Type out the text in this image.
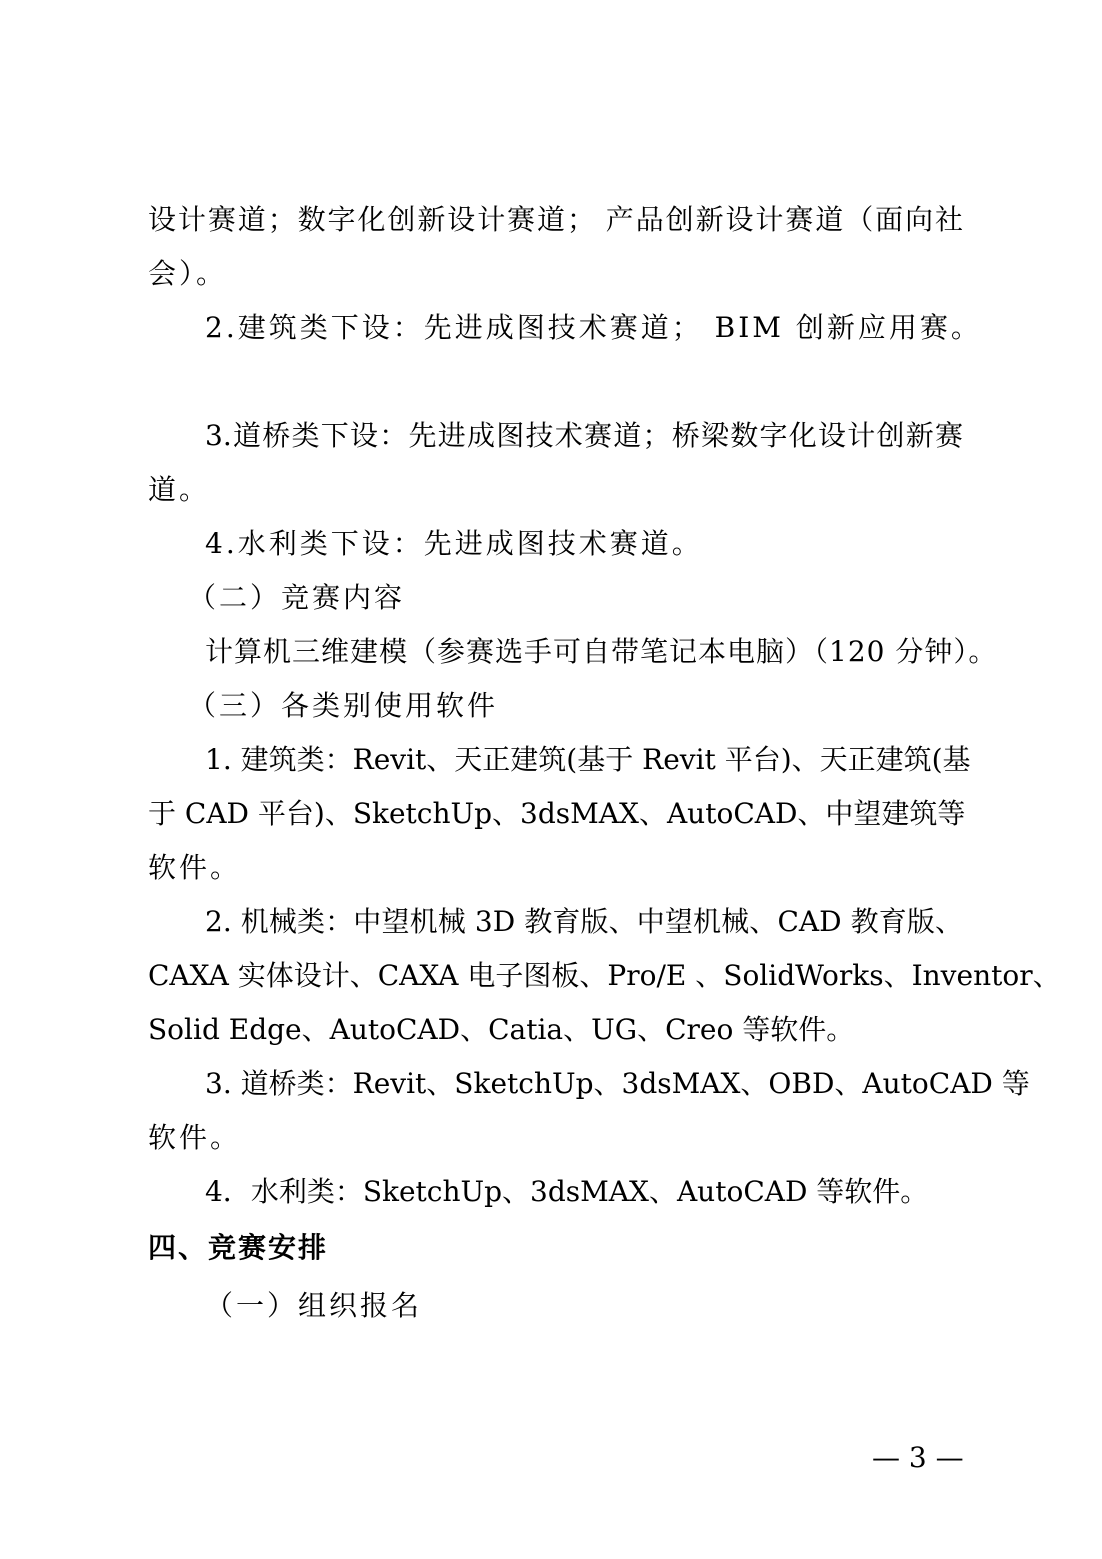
设计赛道；数字化创新设计赛道； 产品创新设计赛道（面向社
会）。
2.建筑类下设：先进成图技术赛道； BIM 创新应用赛。
3.道桥类下设：先进成图技术赛道；桥梁数字化设计创新赛
道。
4.水利类下设：先进成图技术赛道。
（二）竞赛内容
计算机三维建模（参赛选手可自带笔记本电脑）（120 分钟）。
（三）各类别使用软件
1. 建筑类：Revit、天正建筑(基于 Revit 平台)、天正建筑(基
于 CAD 平台)、SketchUp、3dsMAX、AutoCAD、中望建筑等
软件。
2. 机械类：中望机械 3D 教育版、中望机械、CAD 教育版、
CAXA 实体设计、CAXA 电子图板、Pro/E 、SolidWorks、Inventor、
Solid Edge、AutoCAD、Catia、UG、Creo 等软件。
3. 道桥类：Revit、SketchUp、3dsMAX、OBD、AutoCAD 等
软件。
4．水利类：SketchUp、3dsMAX、AutoCAD 等软件。
四、竞赛安排
（一）组织报名
— 3 —
